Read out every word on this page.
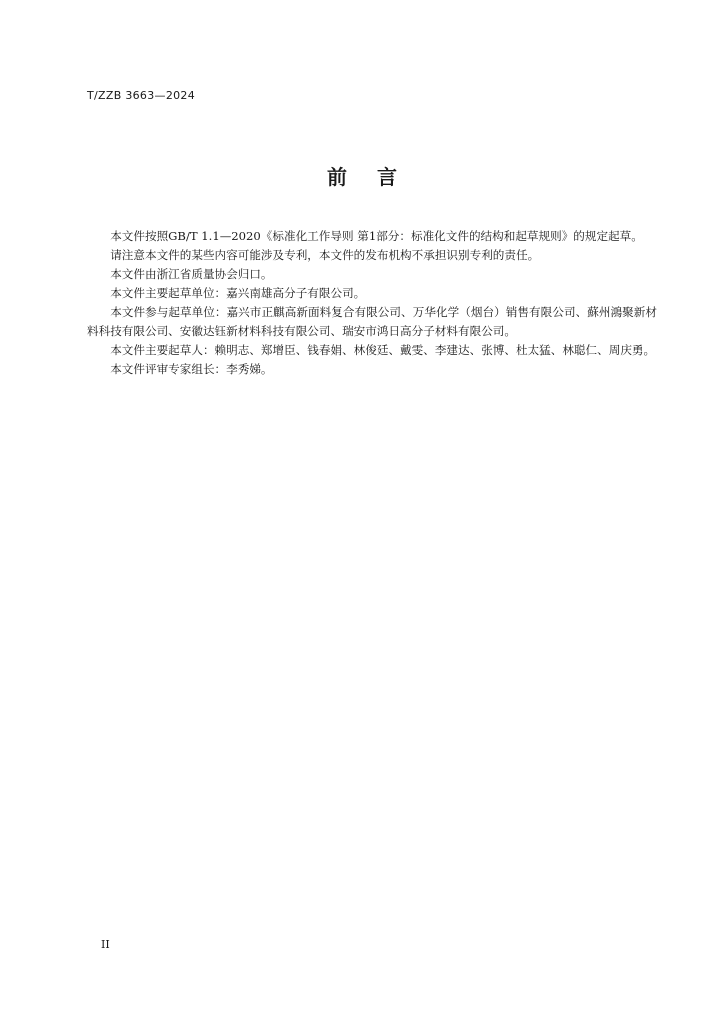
T/ZZB 3663—2024
前言

本文件按照GB/T 1.1—2020《标准化工作导则 第1部分：标准化文件的结构和起草规则》的规定起草。

请注意本文件的某些内容可能涉及专利，本文件的发布机构不承担识别专利的责任。

本文件由浙江省质量协会归口。

本文件主要起草单位：嘉兴南雄高分子有限公司。

本文件参与起草单位：嘉兴市正麒高新面料复合有限公司、万华化学（烟台）销售有限公司、蘇州鴻聚新材料科技有限公司、安徽达钰新材料科技有限公司、瑞安市鸿日高分子材料有限公司。

本文件主要起草人：赖明志、郑增臣、钱春娟、林俊廷、戴雯、李建达、张博、杜太猛、林聪仁、周庆勇。

本文件评审专家组长：李秀娣。

II
